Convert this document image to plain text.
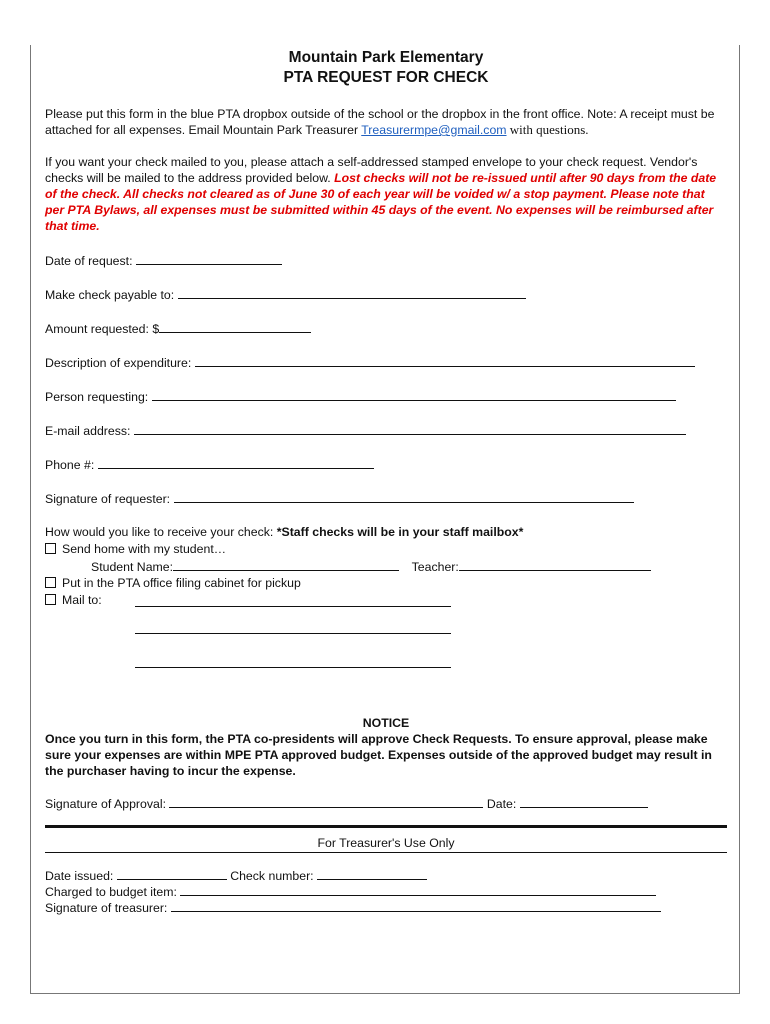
Mountain Park Elementary
PTA REQUEST FOR CHECK
Please put this form in the blue PTA dropbox outside of the school or the dropbox in the front office. Note: A receipt must be attached for all expenses. Email Mountain Park Treasurer Treasurermpe@gmail.com with questions.
If you want your check mailed to you, please attach a self-addressed stamped envelope to your check request. Vendor's checks will be mailed to the address provided below. Lost checks will not be re-issued until after 90 days from the date of the check. All checks not cleared as of June 30 of each year will be voided w/ a stop payment. Please note that per PTA Bylaws, all expenses must be submitted within 45 days of the event. No expenses will be reimbursed after that time.
Date of request:
Make check payable to:
Amount requested: $
Description of expenditure:
Person requesting:
E-mail address:
Phone #:
Signature of requester:
How would you like to receive your check: *Staff checks will be in your staff mailbox*
Send home with my student…
Student Name:	Teacher:
Put in the PTA office filing cabinet for pickup
Mail to:
NOTICE
Once you turn in this form, the PTA co-presidents will approve Check Requests. To ensure approval, please make sure your expenses are within MPE PTA approved budget. Expenses outside of the approved budget may result in the purchaser having to incur the expense.
Signature of Approval:	Date:
For Treasurer's Use Only
Date issued:	Check number:
Charged to budget item:
Signature of treasurer:
